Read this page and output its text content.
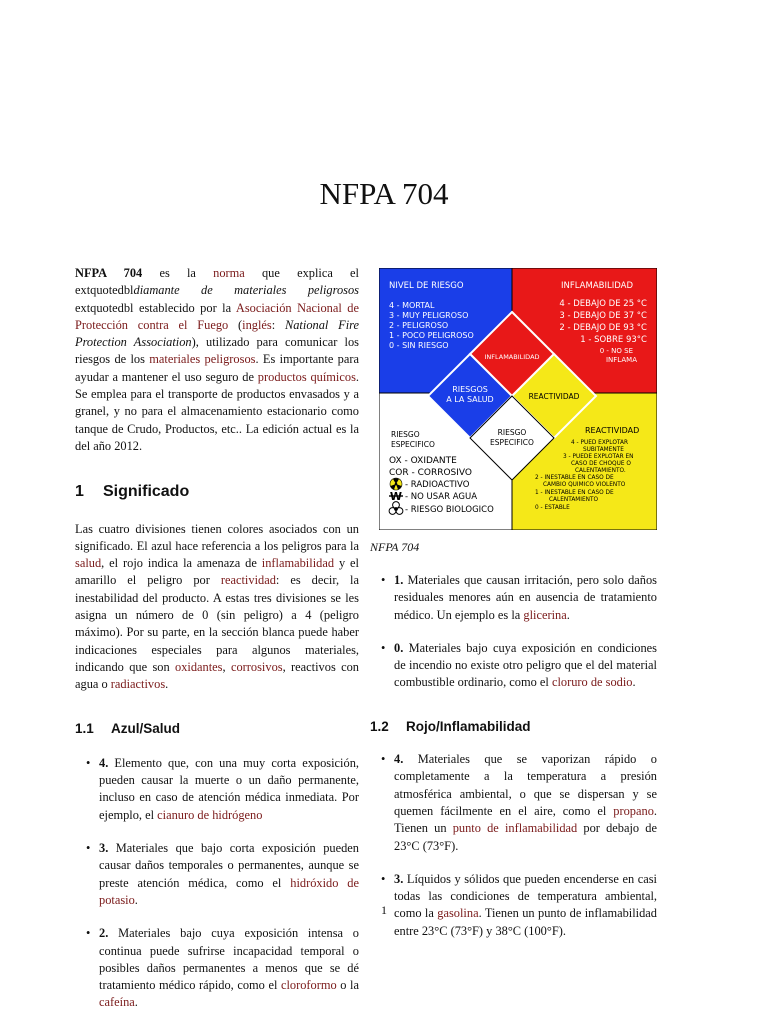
NFPA 704

NFPA 704 es la norma que explica el extquotedbldiamante de materiales peligrosos extquotedbl establecido por la Asociación Nacional de Protección contra el Fuego (inglés: National Fire Protection Association), utilizado para comunicar los riesgos de los materiales peligrosos. Es importante para ayudar a mantener el uso seguro de productos químicos. Se emplea para el transporte de productos envasados y a granel, y no para el almacenamiento estacionario como tanque de Crudo, Productos, etc.. La edición actual es la del año 2012.

1	Significado

Las cuatro divisiones tienen colores asociados con un significado. El azul hace referencia a los peligros para la salud, el rojo indica la amenaza de inflamabilidad y el amarillo el peligro por reactividad: es decir, la inestabilidad del producto. A estas tres divisiones se les asigna un número de 0 (sin peligro) a 4 (peligro máximo). Por su parte, en la sección blanca puede haber indicaciones especiales para algunos materiales, indicando que son oxidantes, corrosivos, reactivos con agua o radiactivos.

1.1	Azul/Salud
• 4. Elemento que, con una muy corta exposición, pueden causar la muerte o un daño permanente, incluso en caso de atención médica inmediata. Por ejemplo, el cianuro de hidrógeno
• 3. Materiales que bajo corta exposición pueden causar daños temporales o permanentes, aunque se preste atención médica, como el hidróxido de potasio.
• 2. Materiales bajo cuya exposición intensa o continua puede sufrirse incapacidad temporal o posibles daños permanentes a menos que se dé tratamiento médico rápido, como el cloroformo o la cafeína.
NIVEL DE RIESGO
4 - MORTAL
3 - MUY PELIGROSO
2 - PELIGROSO
1 - POCO PELIGROSO
0 - SIN RIESGO
INFLAMABILIDAD
4 - DEBAJO DE 25 °C
3 - DEBAJO DE 37 °C
2 - DEBAJO DE 93 °C
1 - SOBRE 93°C
0 - NO SE
INFLAMA
INFLAMABILIDAD
RIESGOS
A LA SALUD	REACTIVIDAD
RIESGO
ESPECIFICO
RIESGO
ESPECIFICO
OX - OXIDANTE
COR - CORROSIVO
- RADIOACTIVO
- NO USAR AGUA
- RIESGO BIOLOGICO
W
REACTIVIDAD
4 - PUED EXPLOTAR
SUBITAMENTE
3 - PUEDE EXPLOTAR EN
CASO DE CHOQUE O
CALENTAMIENTO.
2 - INESTABLE EN CASO DE
CAMBIO QUIMICO VIOLENTO
1 - INESTABLE EN CASO DE
CALENTAMIENTO
0 - ESTABLE
NFPA 704
• 1. Materiales que causan irritación, pero solo daños residuales menores aún en ausencia de tratamiento médico. Un ejemplo es la glicerina.
• 0. Materiales bajo cuya exposición en condiciones de incendio no existe otro peligro que el del material combustible ordinario, como el cloruro de sodio.
1.2	Rojo/Inflamabilidad
• 4. Materiales que se vaporizan rápido o completamente a la temperatura a presión atmosférica ambiental, o que se dispersan y se quemen fácilmente en el aire, como el propano. Tienen un punto de inflamabilidad por debajo de 23°C (73°F).
• 3. Líquidos y sólidos que pueden encenderse en casi todas las condiciones de temperatura ambiental, como la gasolina. Tienen un punto de inflamabilidad entre 23°C (73°F) y 38°C (100°F).
1
